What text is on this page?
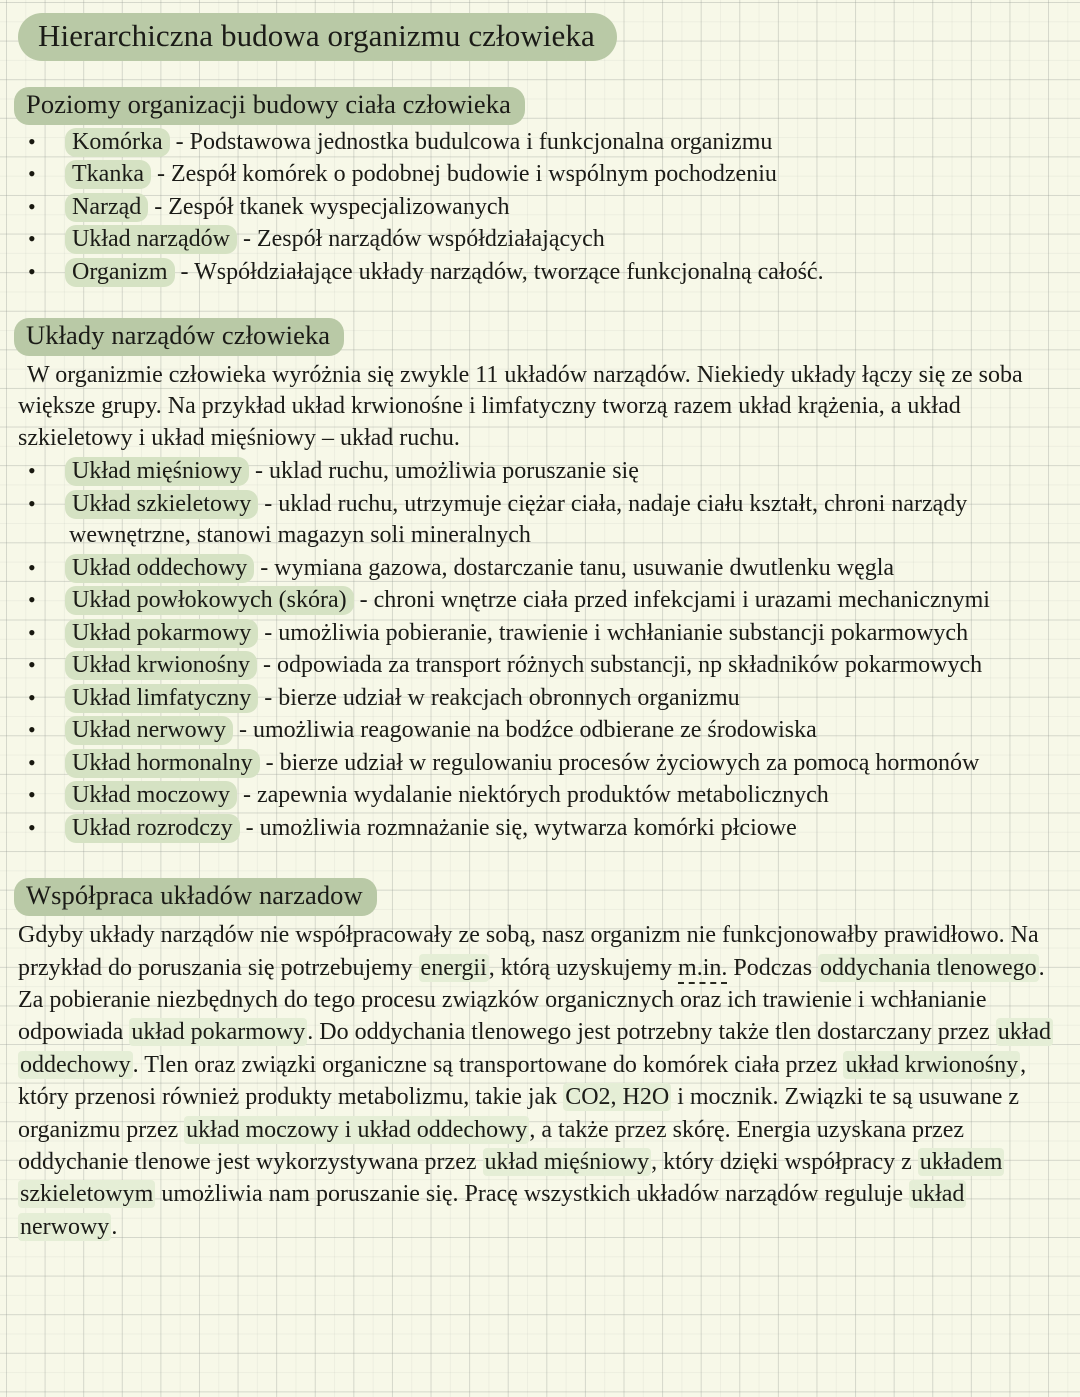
Hierarchiczna budowa organizmu człowieka
Poziomy organizacji budowy ciała człowieka
• Komórka - Podstawowa jednostka budulcowa i funkcjonalna organizmu
• Tkanka - Zespół komórek o podobnej budowie i wspólnym pochodzeniu
• Narząd - Zespół tkanek wyspecjalizowanych
• Układ narządów - Zespół narządów współdziałających
• Organizm - Współdziałające układy narządów, tworzące funkcjonalną całość.
Układy narządów człowieka

W organizmie człowieka wyróżnia się zwykle 11 układów narządów. Niekiedy układy łączy się ze soba większe grupy. Na przykład układ krwionośne i limfatyczny tworzą razem układ krążenia, a układ szkieletowy i układ mięśniowy – układ ruchu.

• Układ mięśniowy - uklad ruchu, umożliwia poruszanie się
• Układ szkieletowy - uklad ruchu, utrzymuje ciężar ciała, nadaje ciału kształt, chroni narządy wewnętrzne, stanowi magazyn soli mineralnych
• Układ oddechowy - wymiana gazowa, dostarczanie tanu, usuwanie dwutlenku węgla
• Układ powłokowych (skóra) - chroni wnętrze ciała przed infekcjami i urazami mechanicznymi
• Układ pokarmowy - umożliwia pobieranie, trawienie i wchłanianie substancji pokarmowych
• Układ krwionośny - odpowiada za transport różnych substancji, np składników pokarmowych
• Układ limfatyczny - bierze udział w reakcjach obronnych organizmu
• Układ nerwowy - umożliwia reagowanie na bodźce odbierane ze środowiska
• Układ hormonalny - bierze udział w regulowaniu procesów życiowych za pomocą hormonów
• Układ moczowy - zapewnia wydalanie niektórych produktów metabolicznych
• Układ rozrodczy - umożliwia rozmnażanie się, wytwarza komórki płciowe
Współpraca układów narzadow

Gdyby układy narządów nie współpracowały ze sobą, nasz organizm nie funkcjonowałby prawidłowo. Na przykład do poruszania się potrzebujemy energii, którą uzyskujemy m.in. Podczas oddychania tlenowego. Za pobieranie niezbędnych do tego procesu związków organicznych oraz ich trawienie i wchłanianie odpowiada układ pokarmowy. Do oddychania tlenowego jest potrzebny także tlen dostarczany przez układ oddechowy. Tlen oraz związki organiczne są transportowane do komórek ciała przez układ krwionośny, który przenosi również produkty metabolizmu, takie jak CO2, H2O i mocznik. Związki te są usuwane z organizmu przez układ moczowy i układ oddechowy, a także przez skórę. Energia uzyskana przez oddychanie tlenowe jest wykorzystywana przez układ mięśniowy, który dzięki współpracy z układem szkieletowym umożliwia nam poruszanie się. Pracę wszystkich układów narządów reguluje układ nerwowy.
